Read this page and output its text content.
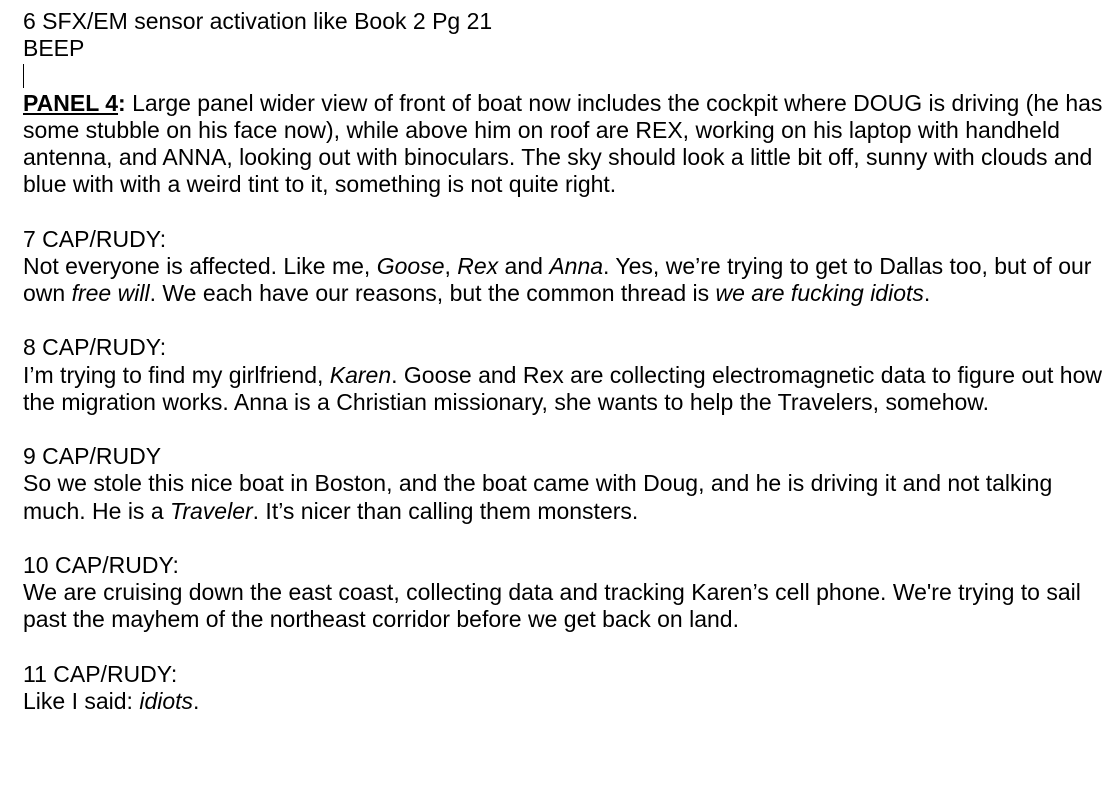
6 SFX/EM sensor activation like Book 2 Pg 21

BEEP

PANEL 4: Large panel wider view of front of boat now includes the cockpit where DOUG is driving (he has some stubble on his face now), while above him on roof are REX, working on his laptop with handheld antenna, and ANNA, looking out with binoculars. The sky should look a little bit off, sunny with clouds and blue with with a weird tint to it, something is not quite right.

7 CAP/RUDY:

Not everyone is affected. Like me, Goose, Rex and Anna. Yes, we’re trying to get to Dallas too, but of our own free will. We each have our reasons, but the common thread is we are fucking idiots.

8 CAP/RUDY:

I’m trying to find my girlfriend, Karen. Goose and Rex are collecting electromagnetic data to figure out how the migration works. Anna is a Christian missionary, she wants to help the Travelers, somehow.

9 CAP/RUDY

So we stole this nice boat in Boston, and the boat came with Doug, and he is driving it and not talking much. He is a Traveler. It’s nicer than calling them monsters.

10 CAP/RUDY:

We are cruising down the east coast, collecting data and tracking Karen’s cell phone. We're trying to sail past the mayhem of the northeast corridor before we get back on land.

11 CAP/RUDY:

Like I said: idiots.
